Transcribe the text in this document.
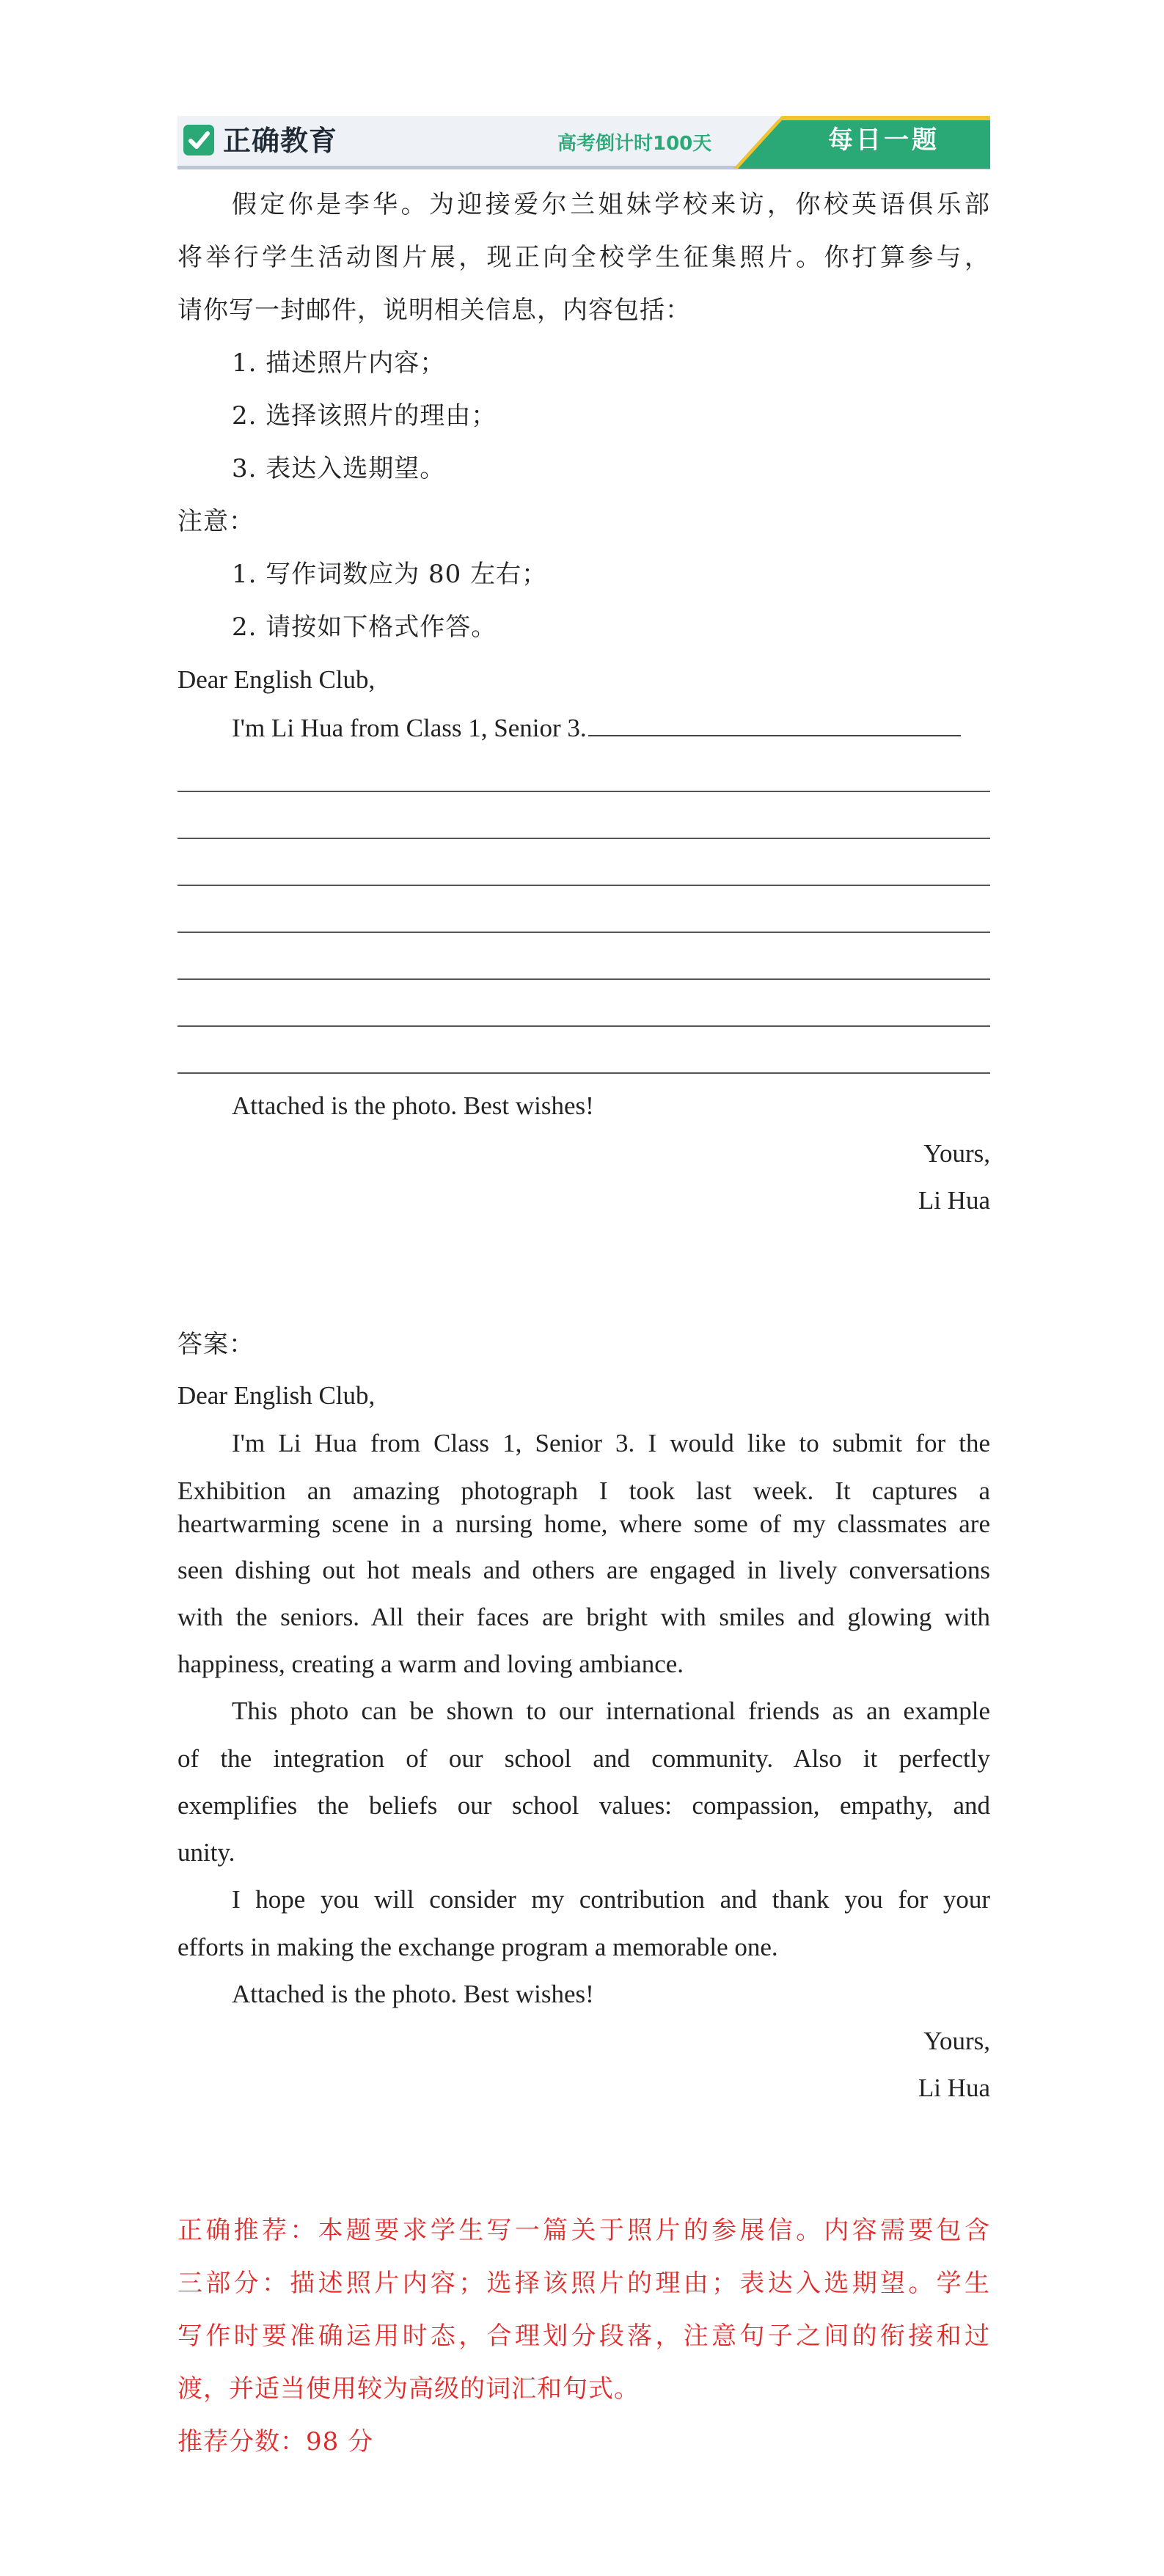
正确教育	高考倒计时100天	每日一题
假定你是李华。为迎接爱尔兰姐妹学校来访，你校英语俱乐部
将举行学生活动图片展，现正向全校学生征集照片。你打算参与，
请你写一封邮件，说明相关信息，内容包括：
1. 描述照片内容；
2. 选择该照片的理由；
3. 表达入选期望。
注意：
1. 写作词数应为 80 左右；
2. 请按如下格式作答。
Dear English Club,
I'm Li Hua from Class 1, Senior 3.
Attached is the photo. Best wishes!
Yours,
Li Hua
答案：
Dear English Club,
I'm Li Hua from Class 1, Senior 3. I would like to submit for the
Exhibition an amazing photograph I took last week. It captures a
heartwarming scene in a nursing home, where some of my classmates are
seen dishing out hot meals and others are engaged in lively conversations
with the seniors. All their faces are bright with smiles and glowing with
happiness, creating a warm and loving ambiance.
This photo can be shown to our international friends as an example
of the integration of our school and community. Also it perfectly
exemplifies the beliefs our school values: compassion, empathy, and
unity.
I hope you will consider my contribution and thank you for your
efforts in making the exchange program a memorable one.
Attached is the photo. Best wishes!
Yours,
Li Hua
正确推荐：本题要求学生写一篇关于照片的参展信。内容需要包含
三部分：描述照片内容；选择该照片的理由；表达入选期望。学生
写作时要准确运用时态，合理划分段落，注意句子之间的衔接和过
渡，并适当使用较为高级的词汇和句式。
推荐分数：98 分
